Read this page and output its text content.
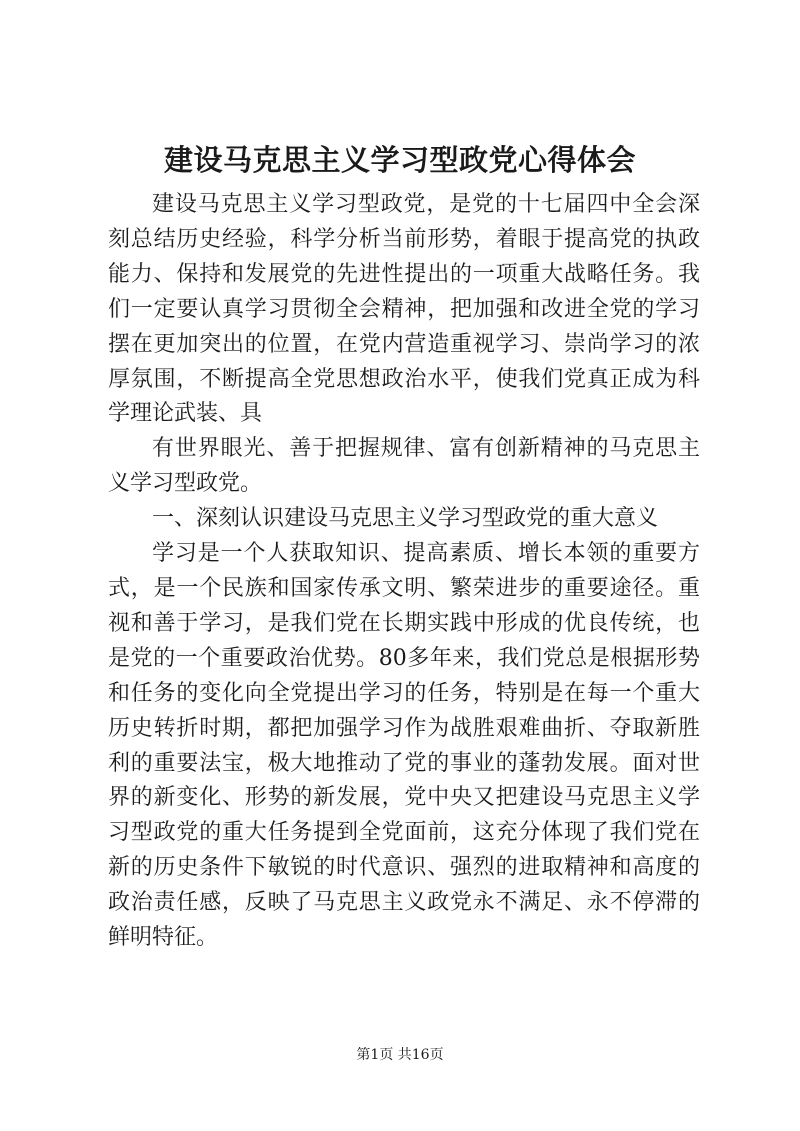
建设马克思主义学习型政党心得体会

建设马克思主义学习型政党，是党的十七届四中全会深刻总结历史经验，科学分析当前形势，着眼于提高党的执政能力、保持和发展党的先进性提出的一项重大战略任务。我们一定要认真学习贯彻全会精神，把加强和改进全党的学习摆在更加突出的位置，在党内营造重视学习、崇尚学习的浓厚氛围，不断提高全党思想政治水平，使我们党真正成为科学理论武装、具

有世界眼光、善于把握规律、富有创新精神的马克思主义学习型政党。

一、深刻认识建设马克思主义学习型政党的重大意义

学习是一个人获取知识、提高素质、增长本领的重要方式，是一个民族和国家传承文明、繁荣进步的重要途径。重视和善于学习，是我们党在长期实践中形成的优良传统，也是党的一个重要政治优势。80多年来，我们党总是根据形势和任务的变化向全党提出学习的任务，特别是在每一个重大历史转折时期，都把加强学习作为战胜艰难曲折、夺取新胜利的重要法宝，极大地推动了党的事业的蓬勃发展。面对世界的新变化、形势的新发展，党中央又把建设马克思主义学习型政党的重大任务提到全党面前，这充分体现了我们党在新的历史条件下敏锐的时代意识、强烈的进取精神和高度的政治责任感，反映了马克思主义政党永不满足、永不停滞的鲜明特征。

第1页 共16页
